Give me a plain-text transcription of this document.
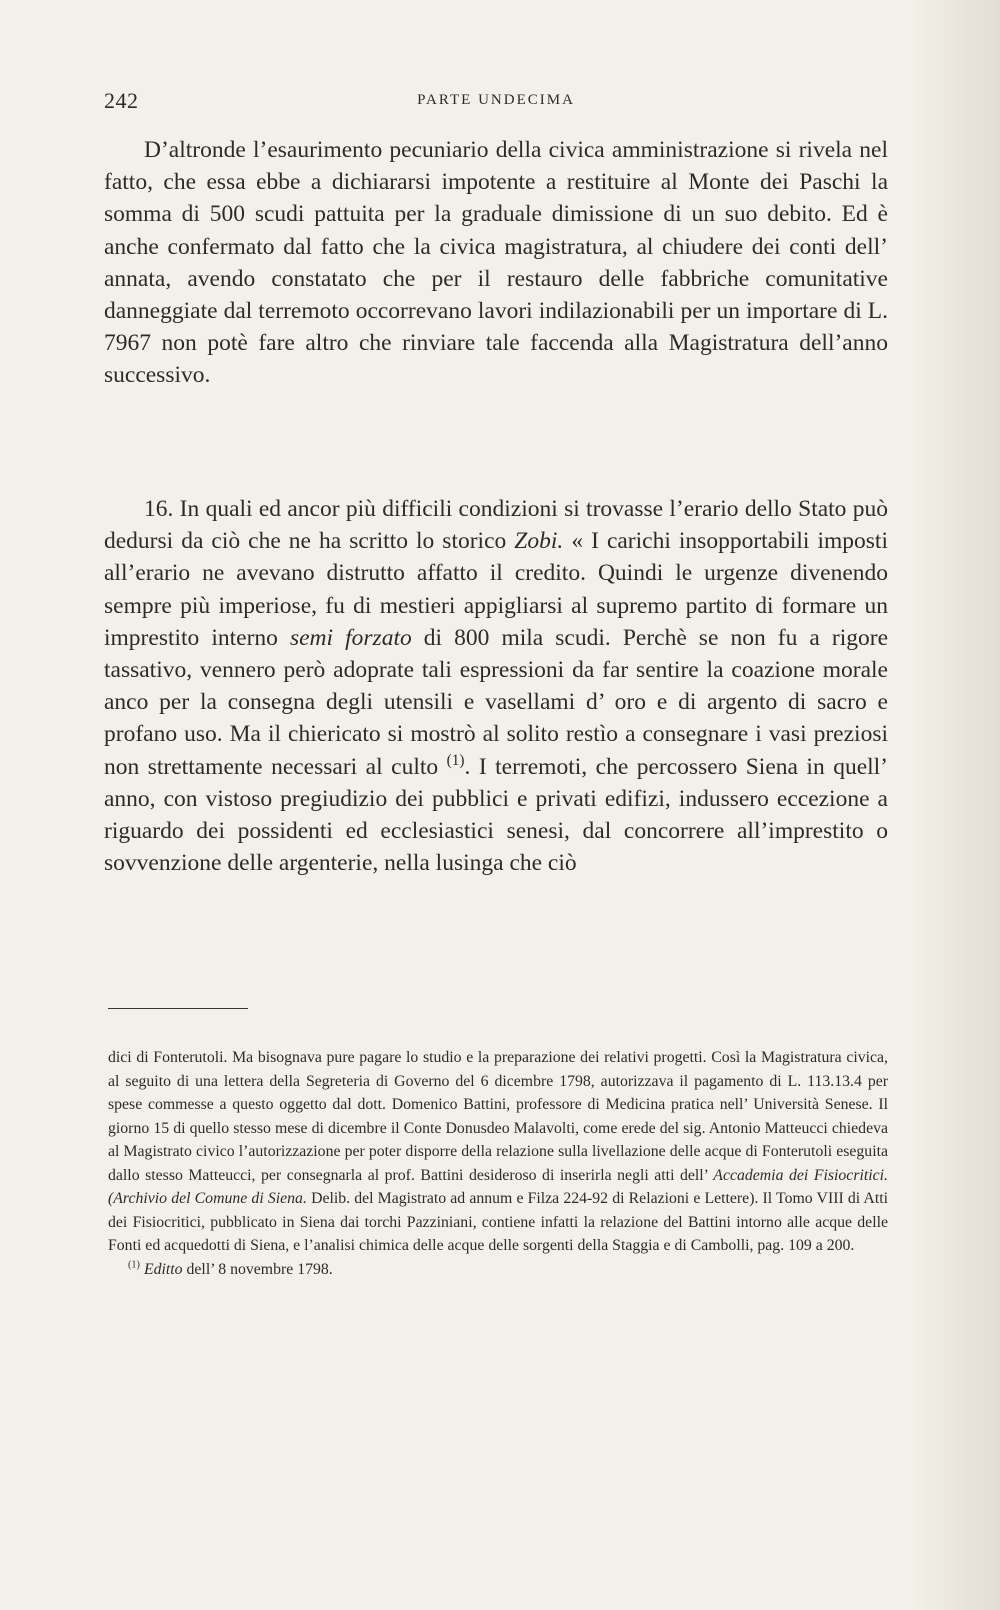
242	PARTE UNDECIMA

D’altronde l’esaurimento pecuniario della civica amministrazione si rivela nel fatto, che essa ebbe a dichiararsi impotente a restituire al Monte dei Paschi la somma di 500 scudi pattuita per la graduale dimissione di un suo debito. Ed è anche confermato dal fatto che la civica magistratura, al chiudere dei conti dell’ annata, avendo constatato che per il restauro delle fabbriche comunitative danneggiate dal terremoto occorrevano lavori indilazionabili per un importare di L. 7967 non potè fare altro che rinviare tale faccenda alla Magistratura dell’anno successivo.

16. In quali ed ancor più difficili condizioni si trovasse l’erario dello Stato può dedursi da ciò che ne ha scritto lo storico Zobi. « I carichi insopportabili imposti all’erario ne avevano distrutto affatto il credito. Quindi le urgenze divenendo sempre più imperiose, fu di mestieri appigliarsi al supremo partito di formare un imprestito interno semi forzato di 800 mila scudi. Perchè se non fu a rigore tassativo, vennero però adoprate tali espressioni da far sentire la coazione morale anco per la consegna degli utensili e vasellami d’ oro e di argento di sacro e profano uso. Ma il chiericato si mostrò al solito restìo a consegnare i vasi preziosi non strettamente necessari al culto $^{(1)}$. I terremoti, che percossero Siena in quell’ anno, con vistoso pregiudizio dei pubblici e privati edifizi, indussero eccezione a riguardo dei possidenti ed ecclesiastici senesi, dal concorrere all’imprestito o sovvenzione delle argenterie, nella lusinga che ciò

dici di Fonterutoli. Ma bisognava pure pagare lo studio e la preparazione dei relativi progetti. Così la Magistratura civica, al seguito di una lettera della Segreteria di Governo del 6 dicembre 1798, autorizzava il pagamento di L. 113.13.4 per spese commesse a questo oggetto dal dott. Domenico Battini, professore di Medicina pratica nell’ Università Senese. Il giorno 15 di quello stesso mese di dicembre il Conte Donusdeo Malavolti, come erede del sig. Antonio Matteucci chiedeva al Magistrato civico l’autorizzazione per poter disporre della relazione sulla livellazione delle acque di Fonterutoli eseguita dallo stesso Matteucci, per consegnarla al prof. Battini desideroso di inserirla negli atti dell’ Accademia dei Fisiocritici. (Archivio del Comune di Siena. Delib. del Magistrato ad annum e Filza 224-92 di Relazioni e Lettere). Il Tomo VIII di Atti dei Fisiocritici, pubblicato in Siena dai torchi Pazziniani, contiene infatti la relazione del Battini intorno alle acque delle Fonti ed acquedotti di Siena, e l’analisi chimica delle acque delle sorgenti della Staggia e di Cambolli, pag. 109 a 200.

$^{(1)}$ Editto dell’ 8 novembre 1798.
